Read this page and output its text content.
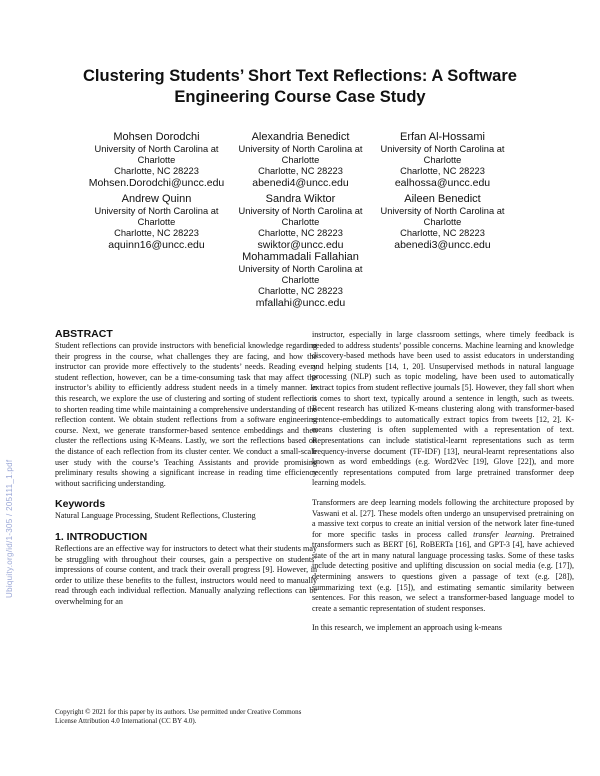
Clustering Students’ Short Text Reflections: A Software Engineering Course Case Study
Mohsen Dorodchi
University of North Carolina at
Charlotte
Charlotte, NC 28223
Mohsen.Dorodchi@uncc.edu
Alexandria Benedict
University of North Carolina at
Charlotte
Charlotte, NC 28223
abenedi4@uncc.edu
Erfan Al-Hossami
University of North Carolina at
Charlotte
Charlotte, NC 28223
ealhossa@uncc.edu
Andrew Quinn
University of North Carolina at
Charlotte
Charlotte, NC 28223
aquinn16@uncc.edu
Sandra Wiktor
University of North Carolina at
Charlotte
Charlotte, NC 28223
swiktor@uncc.edu
Aileen Benedict
University of North Carolina at
Charlotte
Charlotte, NC 28223
abenedi3@uncc.edu
Mohammadali Fallahian
University of North Carolina at
Charlotte
Charlotte, NC 28223
mfallahi@uncc.edu

ABSTRACT

Student reflections can provide instructors with beneficial knowledge regarding their progress in the course, what challenges they are facing, and how the instructor can provide more effectively to the students’ needs. Reading every student reflection, however, can be a time-consuming task that may affect the instructor’s ability to efficiently address student needs in a timely manner. In this research, we explore the use of clustering and sorting of student reflections to shorten reading time while maintaining a comprehensive understanding of the reflection content. We obtain student reflections from a software engineering course. Next, we generate transformer-based sentence embeddings and then cluster the reflections using K-Means. Lastly, we sort the reflections based on the distance of each reflection from its cluster center. We conduct a small-scale user study with the course’s Teaching Assistants and provide promising preliminary results showing a significant increase in reading time efficiency without sacrificing understanding.

Keywords

Natural Language Processing, Student Reflections, Clustering

1. INTRODUCTION

Reflections are an effective way for instructors to detect what their students may be struggling with throughout their courses, gain a perspective on students’ impressions of course content, and track their overall progress [9]. However, in order to utilize these benefits to the fullest, instructors would need to manually read through each individual reflection. Manually analyzing reflections can be overwhelming for an

instructor, especially in large classroom settings, where timely feedback is needed to address students’ possible concerns. Machine learning and knowledge discovery-based methods have been used to assist educators in understanding and helping students [14, 1, 20]. Unsupervised methods in natural language processing (NLP) such as topic modeling, have been used to automatically extract topics from student reflective journals [5]. However, they fall short when it comes to short text, typically around a sentence in length, such as tweets. Recent research has utilized K-means clustering along with transformer-based sentence-embeddings to automatically extract topics from tweets [12, 2]. K-means clustering is often supplemented with a representation of text. Representations can include statistical-learnt representations such as term frequency-inverse document (TF-IDF) [13], neural-learnt representations also known as word embeddings (e.g. Word2Vec [19], Glove [22]), and more recently representations computed from large pretrained transformer deep learning models.

Transformers are deep learning models following the architecture proposed by Vaswani et al. [27]. These models often undergo an unsupervised pretraining on a massive text corpus to create an initial version of the network later fine-tuned for more specific tasks in process called transfer learning. Pretrained transformers such as BERT [6], RoBERTa [16], and GPT-3 [4], have achieved state of the art in many natural language processing tasks. Some of these tasks include detecting positive and uplifting discussion on social media (e.g. [17]), determining answers to questions given a passage of text (e.g. [28]), summarizing text (e.g. [15]), and estimating semantic similarity between sentences. For this reason, we select a transformer-based language model to create a semantic representation of student responses.

In this research, we implement an approach using k-means

Copyright © 2021 for this paper by its authors. Use permitted under Creative Commons License Attribution 4.0 International (CC BY 4.0).
Ubiquity.org/id/1-305 / 205111_1.pdf
